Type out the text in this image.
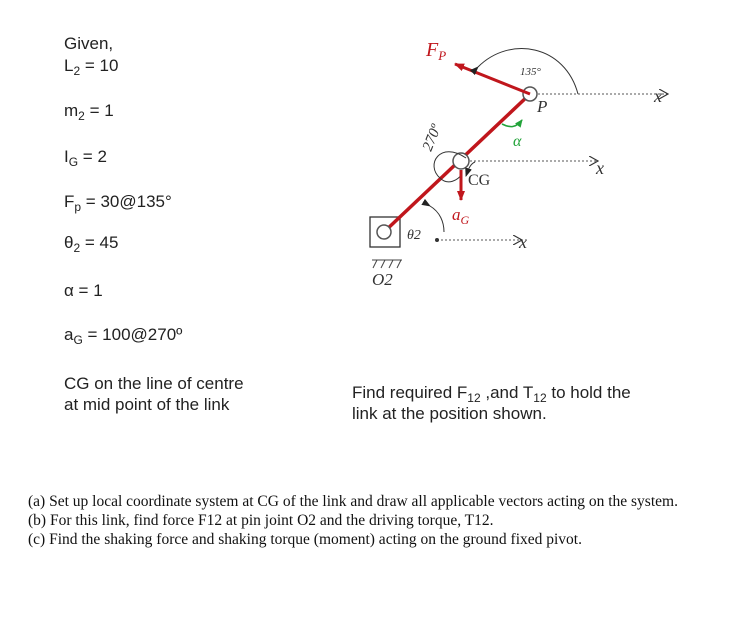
Given,
$L_2 = 10$
$m_2 = 1$
$I_G = 2$
$F_p$ = 30@135°
$\theta_2 = 45$
α = 1
$a_G$ = 100@270º
CG on the line of centre
at mid point of the link
Find required $F_{12}$ ,and $T_{12}$ to hold the
link at the position shown.
$F_P$
135°
P
x
x
x
α
270º
CG
$a_G$
θ2
O2

(a) Set up local coordinate system at CG of the link and draw all applicable vectors acting on the system.

(b) For this link, find force F12 at pin joint O2 and the driving torque, T12.

(c) Find the shaking force and shaking torque (moment) acting on the ground fixed pivot.
